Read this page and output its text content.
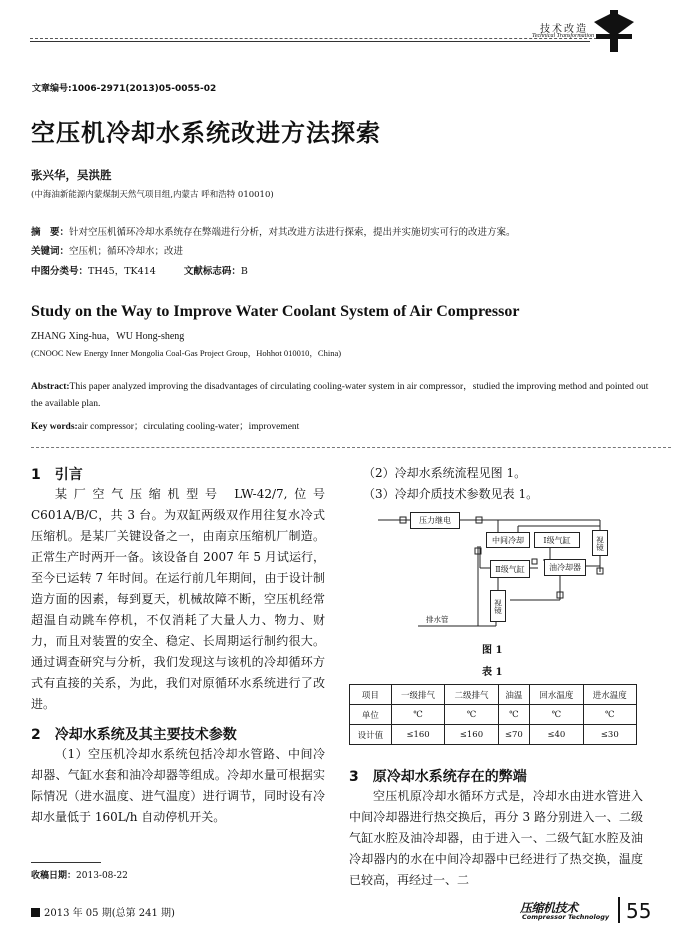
技术改造
Technical Transformation
文章编号:1006-2971(2013)05-0055-02
空压机冷却水系统改进方法探索
张兴华，吴洪胜
(中海油新能源内蒙煤制天然气项目组,内蒙古 呼和浩特 010010)
摘　要：针对空压机循环冷却水系统存在弊端进行分析，对其改进方法进行探索，提出并实施切实可行的改进方案。
关键词：空压机；循环冷却水；改进
中图分类号：TH45，TK414	文献标志码：B
Study on the Way to Improve Water Coolant System of Air Compressor
ZHANG Xing-hua，WU Hong-sheng
(CNOOC New Energy Inner Mongolia Coal-Gas Project Group，Hohhot 010010，China)
Abstract:This paper analyzed improving the disadvantages of circulating cooling-water system in air compressor，studied the improving method and pointed out the available plan.
Key words:air compressor；circulating cooling-water；improvement
1　引言

某厂空气压缩机型号 LW-42/7,位号 C601A/B/C，共 3 台。为双缸两级双作用往复水冷式压缩机。是某厂关键设备之一，由南京压缩机厂制造。正常生产时两开一备。该设备自 2007 年 5 月试运行，至今已运转 7 年时间。在运行前几年期间，由于设计制造方面的因素，每到夏天，机械故障不断，空压机经常超温自动跳车停机，不仅消耗了大量人力、物力、财力，而且对装置的安全、稳定、长周期运行制约很大。通过调查研究与分析，我们发现这与该机的冷却循环方式有直接的关系，为此，我们对原循环水系统进行了改进。

2　冷却水系统及其主要技术参数

（1）空压机冷却水系统包括冷却水管路、中间冷却器、气缸水套和油冷却器等组成。冷却水量可根据实际情况（进水温度、进气温度）进行调节，同时设有冷却水量低于 160L/h 自动停机开关。

收稿日期：2013-08-22
（2）冷却水系统流程见图 1。
（3）冷却介质技术参数见表 1。
压力继电
中间冷却	Ⅰ级气缸	视镜
Ⅱ级气缸	油冷却器
视镜
排水管
图 1
表 1
项目	一级排气	二级排气	油温	回水温度	进水温度
单位	℃	℃	℃	℃	℃
设计值	≤160	≤160	≤70	≤40	≤30
3　原冷却水系统存在的弊端

空压机原冷却水循环方式是，冷却水由进水管进入中间冷却器进行热交换后，再分 3 路分别进入一、二级气缸水腔及油冷却器，由于进入一、二级气缸水腔及油冷却器内的水在中间冷却器中已经进行了热交换，温度已较高，再经过一、二

2013 年 05 期(总第 241 期)	压缩机技术
Compressor Technology 55
